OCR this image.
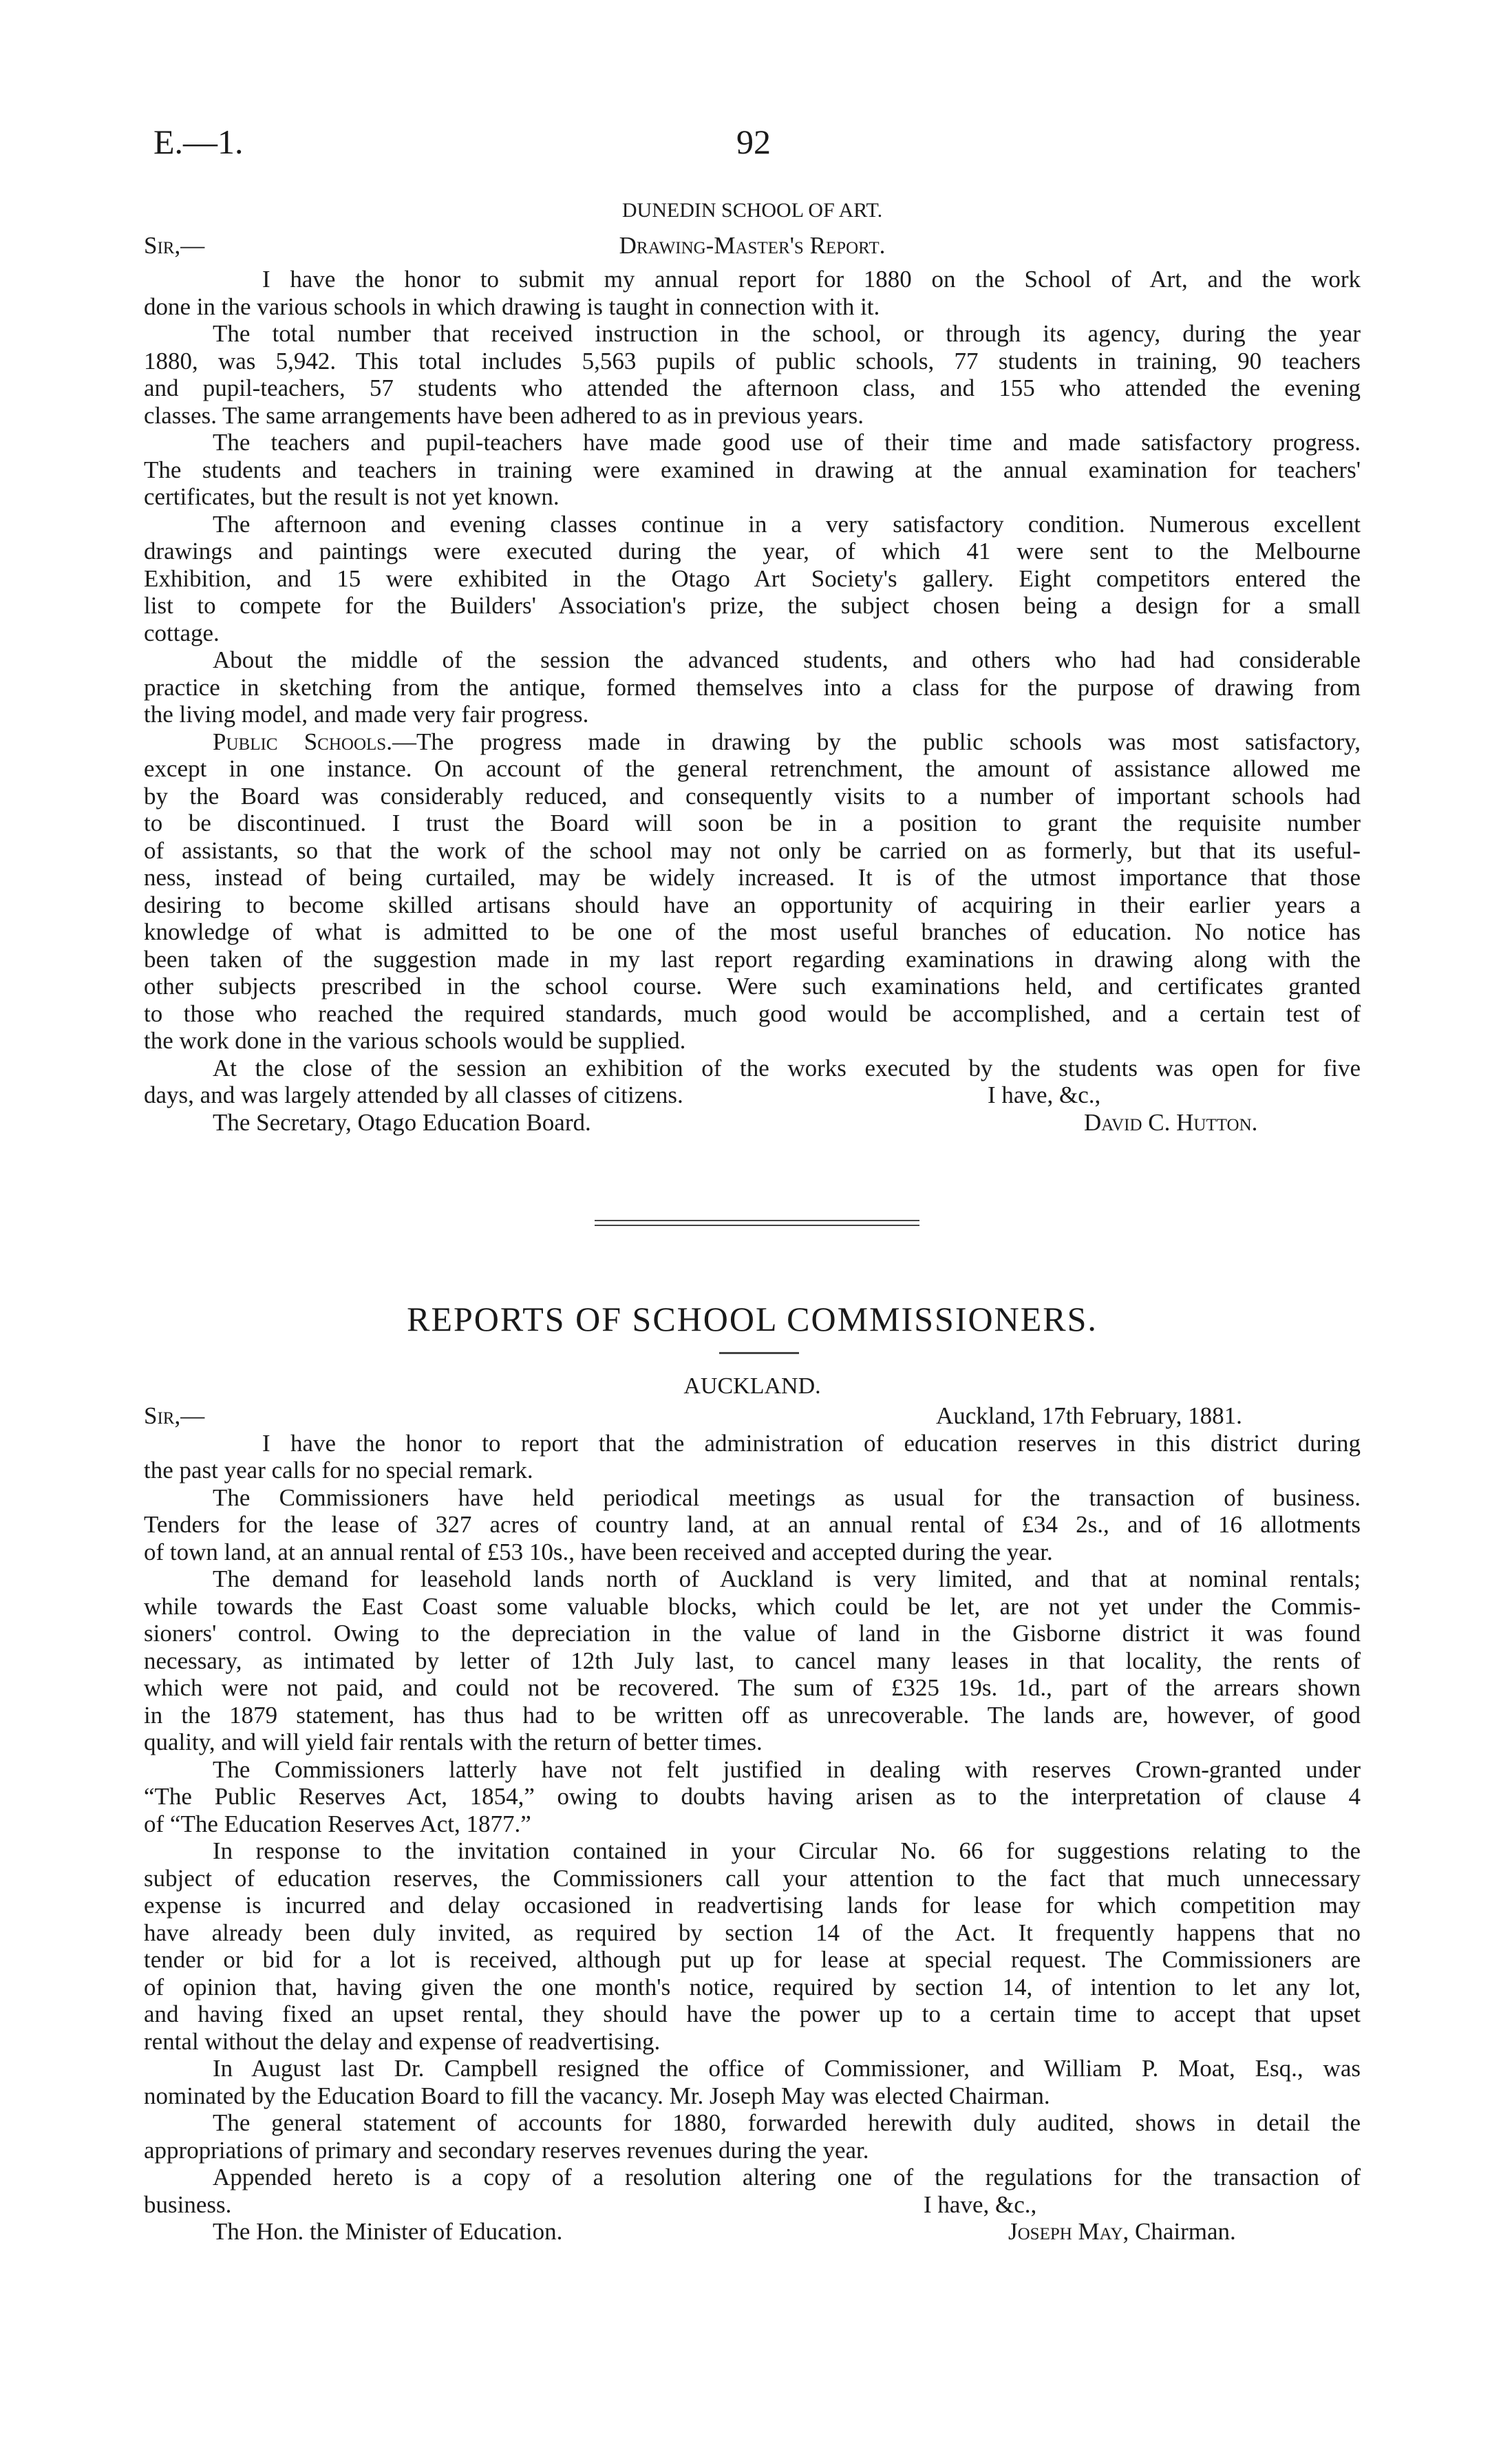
E.—1.	92
DUNEDIN SCHOOL OF ART.
Sir,—	Drawing-Master's Report.
I have the honor to submit my annual report for 1880 on the School of Art, and the work
done in the various schools in which drawing is taught in connection with it.
The total number that received instruction in the school, or through its agency, during the year
1880, was 5,942. This total includes 5,563 pupils of public schools, 77 students in training, 90 teachers
and pupil-teachers, 57 students who attended the afternoon class, and 155 who attended the evening
classes. The same arrangements have been adhered to as in previous years.
The teachers and pupil-teachers have made good use of their time and made satisfactory progress.
The students and teachers in training were examined in drawing at the annual examination for teachers'
certificates, but the result is not yet known.
The afternoon and evening classes continue in a very satisfactory condition. Numerous excellent
drawings and paintings were executed during the year, of which 41 were sent to the Melbourne
Exhibition, and 15 were exhibited in the Otago Art Society's gallery. Eight competitors entered the
list to compete for the Builders' Association's prize, the subject chosen being a design for a small
cottage.
About the middle of the session the advanced students, and others who had had considerable
practice in sketching from the antique, formed themselves into a class for the purpose of drawing from
the living model, and made very fair progress.
Public Schools.—The progress made in drawing by the public schools was most satisfactory,
except in one instance. On account of the general retrenchment, the amount of assistance allowed me
by the Board was considerably reduced, and consequently visits to a number of important schools had
to be discontinued. I trust the Board will soon be in a position to grant the requisite number
of assistants, so that the work of the school may not only be carried on as formerly, but that its useful-
ness, instead of being curtailed, may be widely increased. It is of the utmost importance that those
desiring to become skilled artisans should have an opportunity of acquiring in their earlier years a
knowledge of what is admitted to be one of the most useful branches of education. No notice has
been taken of the suggestion made in my last report regarding examinations in drawing along with the
other subjects prescribed in the school course. Were such examinations held, and certificates granted
to those who reached the required standards, much good would be accomplished, and a certain test of
the work done in the various schools would be supplied.
At the close of the session an exhibition of the works executed by the students was open for five
days, and was largely attended by all classes of citizens.	I have, &c.,
The Secretary, Otago Education Board.	David C. Hutton.
REPORTS OF SCHOOL COMMISSIONERS.
AUCKLAND.
Sir,—	Auckland, 17th February, 1881.
I have the honor to report that the administration of education reserves in this district during
the past year calls for no special remark.
The Commissioners have held periodical meetings as usual for the transaction of business.
Tenders for the lease of 327 acres of country land, at an annual rental of £34 2s., and of 16 allotments
of town land, at an annual rental of £53 10s., have been received and accepted during the year.
The demand for leasehold lands north of Auckland is very limited, and that at nominal rentals;
while towards the East Coast some valuable blocks, which could be let, are not yet under the Commis-
sioners' control. Owing to the depreciation in the value of land in the Gisborne district it was found
necessary, as intimated by letter of 12th July last, to cancel many leases in that locality, the rents of
which were not paid, and could not be recovered. The sum of £325 19s. 1d., part of the arrears shown
in the 1879 statement, has thus had to be written off as unrecoverable. The lands are, however, of good
quality, and will yield fair rentals with the return of better times.
The Commissioners latterly have not felt justified in dealing with reserves Crown-granted under
“The Public Reserves Act, 1854,” owing to doubts having arisen as to the interpretation of clause 4
of “The Education Reserves Act, 1877.”
In response to the invitation contained in your Circular No. 66 for suggestions relating to the
subject of education reserves, the Commissioners call your attention to the fact that much unnecessary
expense is incurred and delay occasioned in readvertising lands for lease for which competition may
have already been duly invited, as required by section 14 of the Act. It frequently happens that no
tender or bid for a lot is received, although put up for lease at special request. The Commissioners are
of opinion that, having given the one month's notice, required by section 14, of intention to let any lot,
and having fixed an upset rental, they should have the power up to a certain time to accept that upset
rental without the delay and expense of readvertising.
In August last Dr. Campbell resigned the office of Commissioner, and William P. Moat, Esq., was
nominated by the Education Board to fill the vacancy. Mr. Joseph May was elected Chairman.
The general statement of accounts for 1880, forwarded herewith duly audited, shows in detail the
appropriations of primary and secondary reserves revenues during the year.
Appended hereto is a copy of a resolution altering one of the regulations for the transaction of
business.	I have, &c.,
The Hon. the Minister of Education.	Joseph May, Chairman.
